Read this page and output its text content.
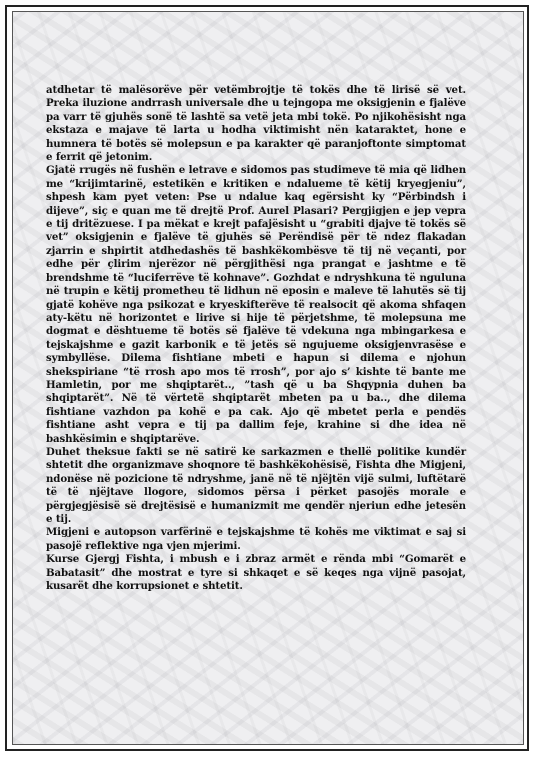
atdhetar të malësorëve për vetëmbrojtje të tokës dhe të lirisë së vet. Preka iluzione andrrash universale dhe u tejngopa me oksigjenin e fjalëve pa varr të gjuhës sonë të lashtë sa vetë jeta mbi tokë. Po njikohësisht nga ekstaza e majave të larta u hodha viktimisht nën kataraktet, hone e humnera të botës së molepsun e pa karakter që paranjoftonte simptomat e ferrit që jetonim.

Gjatë rrugës në fushën e letrave e sidomos pas studimeve të mia që lidhen me “krijimtarinë, estetikën e kritiken e ndalueme të këtij kryegjeniu”, shpesh kam pyet veten: Pse u ndalue kaq egërsisht ky “Përbindsh i dijeve”, siç e quan me të drejtë Prof. Aurel Plasari? Pergjigjen e jep vepra e tij dritëzuese. I pa mëkat e krejt pafajësisht u “grabiti djajve të tokës së vet” oksigjenin e fjalëve të gjuhës së Perëndisë për të ndez flakadan zjarrin e shpirtit atdhedashës të bashkëkombësve të tij në veçanti, por edhe për çlirim njerëzor në përgjithësi nga prangat e jashtme e të brendshme të “luciferrëve të kohnave”. Gozhdat e ndryshkuna të nguluna në trupin e këtij prometheu të lidhun në eposin e maleve të lahutës së tij gjatë kohëve nga psikozat e kryeskifterëve të realsocit që akoma shfaqen aty-këtu në horizontet e lirive si hije të përjetshme, të molepsuna me dogmat e dështueme të botës së fjalëve të vdekuna nga mbingarkesa e tejskajshme e gazit karbonik e të jetës së ngujueme oksigjenvrasëse e symbyllëse. Dilema fishtiane mbeti e hapun si dilema e njohun shekspiriane “të rrosh apo mos të rrosh”, por ajo s’ kishte të bante me Hamletin, por me shqiptarët.., ”tash që u ba Shqypnia duhen ba shqiptarët”. Në të vërtetë shqiptarët mbeten pa u ba.., dhe dilema fishtiane vazhdon pa kohë e pa cak. Ajo që mbetet perla e pendës fishtiane asht vepra e tij pa dallim feje, krahine si dhe idea në bashkësimin e shqiptarëve.

Duhet theksue fakti se në satirë ke sarkazmen e thellë politike kundër shtetit dhe organizmave shoqnore të bashkëkohësisë, Fishta dhe Migjeni, ndonëse në pozicione të ndryshme, janë në të njëjtën vijë sulmi, luftëtarë të të njëjtave llogore, sidomos përsa i përket pasojës morale e përgjegjësisë së drejtësisë e humanizmit me qendër njeriun edhe jetesën e tij.

Migjeni e autopson varfërinë e tejskajshme të kohës me viktimat e saj si pasojë reflektive nga vjen mjerimi.

Kurse Gjergj Fishta, i mbush e i zbraz armët e rënda mbi “Gomarët e Babatasit” dhe mostrat e tyre si shkaqet e së keqes nga vijnë pasojat, kusarët dhe korrupsionet e shtetit.
